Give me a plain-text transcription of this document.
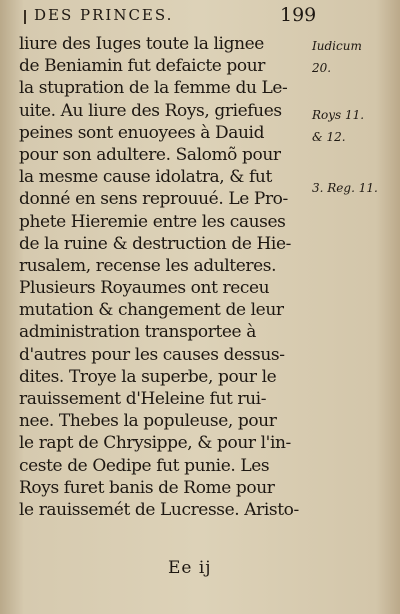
DES PRINCES.	199
liure des Iuges toute la lignee
de Beniamin fut defaicte pour
la stupration de la femme du Le-
uite. Au liure des Roys, griefues
peines sont enuoyees à Dauid
pour son adultere. Salomõ pour
la mesme cause idolatra, & fut
donné en sens reprouué. Le Pro-
phete Hieremie entre les causes
de la ruine & destruction de Hie-
rusalem, recense les adulteres.
Plusieurs Royaumes ont receu
mutation & changement de leur
administration transportee à
d'autres pour les causes dessus-
dites. Troye la superbe, pour le
rauissement d'Heleine fut rui-
nee. Thebes la populeuse, pour
le rapt de Chrysippe, & pour l'in-
ceste de Oedipe fut punie. Les
Roys furet banis de Rome pour
le rauissemét de Lucresse. Aristo-
Iudicum
20.
Roys 11.
& 12.
3. Reg. 11.
Ee ij
